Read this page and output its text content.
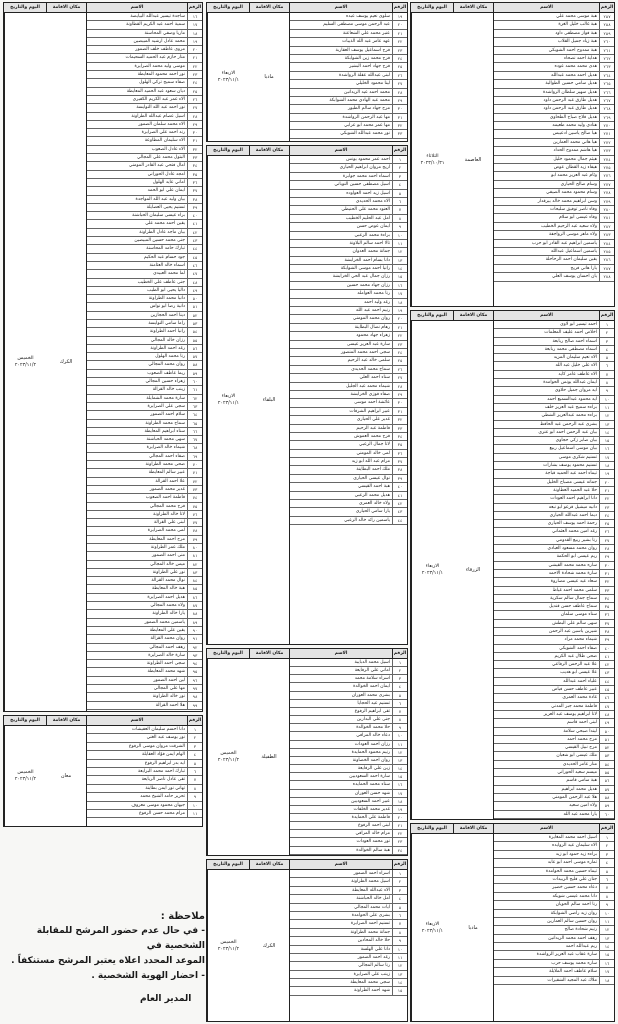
الرقم
الاسم
مكان الاقامة
اليوم والتاريخ
٢٥٧
هبة موسى محمد علي
٢٥٨
هبة غالب خليل الغزة
٢٥٩
هبة فواز مصطفى داود
٢٦٠
هبة زياد جميل القلاب
٢٦١
هبة ممدوح احمد الشوبكي
٢٦٢
هداية احمد نصحاء
٢٦٣
هدى محمد محمد عوده
٢٦٤
هديل احمد محمد عبدالله
٢٦٥
هديل سامي حسين الطوالبة
٢٦٦
هديل سهير سلطان الرواشدة
٢٦٧
هديل طارق عبد الرحمن داود
٢٦٨
هديل طارق عبد الرحمن داود
٢٦٩
هديل فلاح صباح الطحاوي
٢٧٠
هنادي وليد محمد طعيمه
٢٧١
هيا صالح ياسين ادعيبس
٢٧٢
هيا هاني محمد العمارين
٢٧٣
هيا هاشم ممدوح الحداد
٢٧٤
هيثم جمال محمود خليل
٢٧٥
هيفاء زيد القطان عوض
٢٧٦
وئام عبد العزيز محمد ابو
٢٧٧
وسام صالح الحياري
٢٧٨
وسام محمود محمد الصيفي
٢٧٩
وسن ابراهيم محمد خالد بيرقدار
٢٨٠
وفاء ناصر توفيق سليحات
٢٨١
وفاء عيسى ابو سلام
٢٨٢
ولاء سعيد عبد الرحيم الخطيب
٢٨٣
ولاء ماهر موسى الرواجفة
٢٨٤
ياسمين ابراهيم عبد القادر ابو حرب
٢٨٥
ياسمين اسماعيل عبدالله
٢٨٦
يقين سليمان احمد الرحاحلة
٢٨٧
يارا هاني فريح
٢٨٨
يان احسان يوسف العلي
العاصمة
الثلاثاء
٢٠٢٣/١٠/٣١
الرقم
الاسم
مكان الاقامة
اليوم والتاريخ
١
احمد تيسير ابو لاوي
٢
اخلاص احمد عليف المعلمات
٣
اسماء احمد صالح ربابعة
٤
اسماء مصطفى محمد ربابعة
٥
الاء نعيم سليمان المزيد
٦
الاء علي خليل عبد الله
٧
الاء عاطف عامر كايد
٨
ايمان عبدالله يونس الحوامدة
٩
ايه مروان جميل حلاوي
١٠
ايه محمود عبدالسميع احمد
١١
براءه سميح عبد العزيز خلف
١٢
براءه محمد عبدالعزيز الشطي
١٣
بشرى عبد الرحمن عبد الحافظ
١٤
بيان عبد الرحمن احمد ابو عنزي
١٥
بيان صابر زكي حجاوي
١٦
بيان موسى اسماعيل ربيع
١٧
تسنيم شكري موسى
١٨
تسنيم محمود يوسف بشارات
١٩
تيماء احمد عبد الحميد قباجة
٢٠
جمانه عيسى مصباح الخليل
٢١
حلا عبد الحميد العطاونة
٢٢
دانا ابراهيم احمد العودات
٢٣
دانيه ميشيل قزعو ابو نبعه
٢٤
ديما احمد عبدالله الحياري
٢٥
رحمة احمد يوسف الحياري
٢٦
رغد امين محمد العثماني
٢٧
رنا بشير ربيع القدومي
٢٨
روان محمد مسعود العبادي
٢٩
ريم عيسى ابو الحكمة
٣٠
ساره محمد محمد القيشي
٣١
سارة محمد شحادة الاحمد
٣٢
سعاد عيد عيسى مصاروة
٣٣
سلمى محمد احمد غياظ
٣٤
سماح جمال سالم سكرية
٣٥
سماح عاطف حسن قنديل
٣٦
سناء موسى سلمان
٣٧
سهى سالم علي البطش
٣٨
شيرين ياسين عبد الرحمن
٣٩
شيماء محمد مراد
٤٠
صفاء احمد الشويكي
٤١
ضحى طلال عبد الكريم
٤٢
علا عبد الرحمن الرفاعي
٤٣
علا عيسى ابو هديب
٤٤
علياء احمد عبدالله
٤٥
عبير عاطف حسن فياض
٤٦
غادة محمد العمري
٤٧
فاطمة محمد جبر المدني
٤٨
لانا ابراهيم يوسف عبد العزيز
٤٩
لبنى احمد قاسم
٥٠
ليندا صبحي سلامة
٥١
مرح محمد احمد
٥٢
مرح نبيل القيسي
٥٣
ملك عيسى ابو شعبان
٥٤
منار عامر الحديدي
٥٥
ميسم سعيد الحوراني
٥٦
هبة سامي قاسم
٥٧
هديل محمد ابراهيم
٥٨
هلا عبد الرحمن المومني
٥٩
ولاء امين سعيد
٦٠
يارا محمد عبد الله
الزرقاء
الاربعاء
٢٠٢٣/١١/١
الرقم
الاسم
مكان الاقامة
اليوم والتاريخ
١
اسيل احمد محمد المغايرة
٢
الاء سليمان عيد الزوايده
٣
براءه زيد حمود ابو زيد
٤
تماره موسى احمد ابو عابد
٥
تيماء حسين محمد الحوامدة
٦
جنان علي فليح الزبيدات
٧
دعاء محمد حسين خضير
٨
دانا محمد عيسى شويكه
٩
رنا احمد سالم الحويان
١٠
روان زيد راضي الشوابكة
١١
روان حسين سالم العمارين
١٢
رنيم شحادة صالح
١٣
رهف احمد محمد الزيدانين
١٤
ريم عبدالله احمد
١٥
سارة عقاب عبد العزيز الرواشدة
١٦
ساره محمد يوسف حرب
١٧
سلام عاطف احمد الملايلة
١٨
ملاك عبد المجيد الشقيرات
مادبا
الاربعاء
٢٠٢٣/١١/١
الرقم
الاسم
مكان الاقامة
اليوم والتاريخ
١٩
سلوى نعيم يوسف عبده
٢٠
عبد الرحمن موسى مصطفى السليم
٢١
عنبر محمد علي الشعاعنة
٢٢
عهد عامر عبد الله الذيبات
٢٣
فرح اسماعيل يوسف العقاربة
٢٤
فرح محمد زين الشوابكة
٢٥
فرح جهاد احمد البشير
٢٦
لبنى عبدالله عقلة الرواشدة
٢٧
لينا محمود الخليلي
٢٨
محمد احمد عيد الزيدانين
٢٩
محمد عبد الهادي محمد الشوابكة
٣٠
مرح جهاد سالم الطيور
٣١
مها عبد الرحمن الرواشدة
٣٢
مها عمر محمد ابو عرابي
٣٣
نور محمد عبدالله الشوبكي
مادبا
الاربعاء
٢٠٢٣/١١/١
الرقم
الاسم
مكان الاقامة
اليوم والتاريخ
١
احمد عمر محمود يونس
٢
اريج مروان ابراهيم الحياري
٣
اسماء احمد محمد جوابرة
٤
اسيل مصطفى حسين النوباني
٥
اسيل زيد احمد العواوده
٦
الاء محمد الحديدي
٧
العنود محمد علي الحنيطي
٨
امل عبد الحليم الخطيب
٩
ايمان عوض حسن
١٠
براءة محمد الزعبي
١١
تالا احمد سالم البلاونة
١٢
جمانة محمد العدوان
١٣
دانا بسام احمد الخرابشة
١٤
رانيا احمد موسى الشوابكة
١٥
رزان جمال عبد الحي الخرابشة
١٦
رزان جهاد محمد حسين
١٧
رنا محمد العوامله
١٨
رغد وليد احمد
١٩
رنيم احمد عبد الله
٢٠
روان محمد المومني
٢١
رهام نضال البطاينة
٢٢
زهراء جهاد محمود
٢٣
سارة عبد العزيز عيسى
٢٤
سجى احمد محمد المنصور
٢٥
سلمى خالد عبد الرحيم
٢٦
سماح محمد الحديدي
٢٧
سناء احمد العلي
٢٨
شيماء محمد عبد الجليل
٢٩
صفاء فوزي الخرابشة
٣٠
عائشة احمد موسى
٣١
عبير ابراهيم الشرفات
٣٢
غدير علي الحياري
٣٣
فاطمة عبد الرحيم
٣٤
فرح محمد العموش
٣٥
لانا جمال الزعبي
٣٦
لمى خالد المومني
٣٧
مرام عبد الله ابو زيد
٣٨
ملك احمد البطاينة
٣٩
نوال عيسى الحياري
٤٠
هبة احمد القيسي
٤١
هديل محمد الزعبي
٤٢
ولاء خالد العمري
٤٣
يارا سامي الحياري
٤٤
ياسمين رائد خالد الزعبي
البلقاء
الاربعاء
٢٠٢٣/١١/١
الرقم
الاسم
مكان الاقامة
اليوم والتاريخ
١
اسيل محمد الدبايبة
٢
اماني علي الرفايعة
٣
اسراء سلامة محمد
٤
ايمان احمد الخوالدة
٥
بشرى محمد العوران
٦
تسنيم عيد الحجايا
٧
تقى ابراهيم الرفوع
٨
جنى علي البدارين
٩
حلا محمد الخوالدة
١٠
دعاء خالد المرافي
١١
رزان احمد العودات
١٢
رنيم محمود الحمايدة
١٣
روان احمد الخصاونة
١٤
زين علي الرفايعة
١٥
سارة احمد السعوديين
١٦
سناء محمد الحمايده
١٧
شهد حسن العوران
١٨
عبير احمد السعوديين
١٩
غدير محمد الخلفات
٢٠
فاطمة علي الحمايدة
٢١
لبنى احمد الرفوع
٢٢
مرام خالد المرافي
٢٣
نور محمد العودات
٢٤
هبة سالم الخوالدة
الطفيلة
الخميس
٢٠٢٣/١١/٢
الرقم
الاسم
مكان الاقامة
اليوم والتاريخ
١
اسراء احمد الضمور
٢
اسيل محمد الطراونة
٣
الاء عبدالله المعايطة
٤
امل خالد الحباشنة
٥
ايات محمد المجالي
٦
بشرى علي الحوامدة
٧
تسنيم احمد الصرايرة
٨
جمانة محمد الطراونة
٩
حلا خالد المحادين
١٠
دانا علي الهلسة
١١
رغد احمد الضمور
١٢
رنا سالم المجالي
١٣
زينب علي الصرايرة
١٤
سجى محمد المعايطة
١٥
شهد احمد الطراونة
الكرك
الخميس
٢٠٢٣/١١/٢
الرقم
الاسم
مكان الاقامة
اليوم والتاريخ
١٦
ساجدة تيسير عبدالله البيايضة
١٧
سمية احمد عبد الكريم القطاونة
١٨
ماريا وصفي المحاسنة
١٩
محمد عادل ارشيد المبيضين
٢٠
مروى عاطف خلف الضمور
٢١
منار حازم عبد الحميد السحيمات
٢٢
موسى وليد محمد الصرايرة
٢٣
نور احمد محمود المعايطة
٢٤
صفاء سميح تركي الهلول
٢٥
ديان سعود عبد الحميد المعايطة
٢٦
الاء عمر عبد الكريم الكفيري
٢٧
نور احمد عبد الله النوايسة
٢٨
اسيل عصام عبدالله الطراونة
٢٩
الاء محمد سلمان الضمور
٣٠
رند احمد علي الصرايرة
٣١
الاء سليمان المطاوعة
٣٢
الاء عادل الصعوب
٣٣
البتول محمد علي المجالي
٣٤
امال فتحي عبد القادر المومني
٣٥
امجد عادل الحوراني
٣٦
اماني عايد الهلول
٣٧
ايمان علي ابو الحمد
٣٨
بيان وليد عبد الله المواجدة
٣٩
تسنيم يحيى العضايلة
٤٠
براء عيسى سليمان الحباشنة
٤١
يقين احمد محمد علي
٤٢
بيان ماجد عادل الطراونة
٤٣
جنى محمد حسين المبيضين
٤٤
تبارك حامد المحاسنة
٤٥
جود حسام عبد الحكيم
٤٦
اسماء خالد العثامنة
٤٧
لما محمد العبيدي
٤٨
جنى عاطف علي الخطيب
٤٩
داليا يحيى ابو الطيب
٥٠
دانيا محمد الطراونة
٥١
دانية رضا ابو نواس
٥٢
دينا احمد الحجازين
٥٣
راما سامي النوايسة
٥٤
رانيا احمد الطراونة
٥٥
رزان خالد المجالي
٥٦
رغد احمد الطراونة
٥٧
رنا محمد الهلول
٥٨
روان محمد المجالي
٥٩
ريما عاطف الصعوب
٦٠
زهراء حسين المجالي
٦١
زينب خالد القرالة
٦٢
سارة محمد الشمايلة
٦٣
سجى علي الصرايرة
٦٤
سلام احمد الضمور
٦٥
سماح محمد الطراونة
٦٦
سناء ابراهيم المعايطة
٦٧
سهى محمد الحباشنة
٦٨
شيماء خالد الصرايرة
٦٩
صفاء احمد المجالي
٧٠
ضحى محمد الطراونة
٧١
عبير سالم المعايطة
٧٢
علا احمد القرالة
٧٣
غدير محمد الضمور
٧٤
فاطمة احمد الصعوب
٧٥
فرح محمد المجالي
٧٦
لانا خالد الطراونة
٧٧
لبنى علي القرالة
٧٨
لمى محمد الصرايرة
٧٩
مرح احمد المعايطة
٨٠
ملك عمر الطراونة
٨١
منى احمد الضمور
٨٢
ميس خالد المجالي
٨٣
نور علي الطراونة
٨٤
نوال محمد القرالة
٨٥
هبة خالد المعايطة
٨٦
هديل احمد الصرايرة
٨٧
ولاء محمد المجالي
٨٨
يارا خالد الطراونة
٨٩
ياسمين محمد الضمور
٩٠
يقين علي المعايطة
٩١
روان محمد القرالة
٩٢
رهف احمد المجالي
٩٣
سارة خالد الصرايرة
٩٤
سجى احمد الطراونة
٩٥
شهد محمد المعايطة
٩٦
لين احمد الضمور
٩٧
مها علي المجالي
٩٨
نور خالد الطراونة
٩٩
هلا احمد القرالة
الكرك
الخميس
٢٠٢٣/١١/٢
الرقم
الاسم
مكان الاقامة
اليوم والتاريخ
١
دانا احسم سليمان العفيشات
٢
نور يوسف عبد الغني
٣
الشرقت مروان موسى الرفوع
٤
الهام ايمن فؤاد العقايلة
٥
ايه بدر ابراهيم الرفوع
٦
تبارك احمد محمد البزايعة
٧
تقى عادل ناصر الربايعة
٨
تهاني نور ايمن بطاينة
٩
تحرير حامد الشيخ محمد
١٠
جيهان محمود موسى معروف
١١
مرام محمد حسن الرفوع
معان
الخميس
٢٠٢٣/١١/٢
ملاحظة :
- في حال عدم حضور المرشح للمقابلة الشخصية في
الموعد المحدد اعلاه يعتبر المرشح مستنكفاً .
- احضار الهوية الشخصية .
المدير العام
